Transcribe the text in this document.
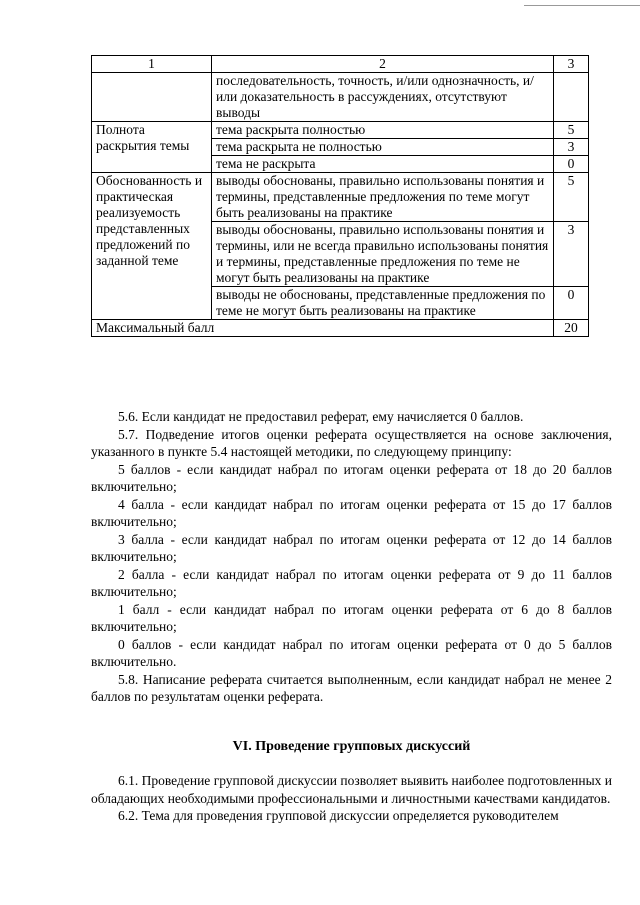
1	2	3
	последовательность, точность, и/или однозначность, и/или доказательность в рассуждениях, отсутствуют выводы	
Полнота раскрытия темы	тема раскрыта полностью	5
	тема раскрыта не полностью	3
	тема не раскрыта	0
Обоснованность и практическая реализуемость представленных предложений по заданной теме	выводы обоснованы, правильно использованы понятия и термины, представленные предложения по теме могут быть реализованы на практике	5
	выводы обоснованы, правильно использованы понятия и термины, или не всегда правильно использованы понятия и термины, представленные предложения по теме не могут быть реализованы на практике	3
	выводы не обоснованы, представленные предложения по теме не могут быть реализованы на практике	0
Максимальный балл		20

5.6. Если кандидат не предоставил реферат, ему начисляется 0 баллов.

5.7. Подведение итогов оценки реферата осуществляется на основе заключения, указанного в пункте 5.4 настоящей методики, по следующему принципу:

5 баллов - если кандидат набрал по итогам оценки реферата от 18 до 20 баллов включительно;

4 балла - если кандидат набрал по итогам оценки реферата от 15 до 17 баллов включительно;

3 балла - если кандидат набрал по итогам оценки реферата от 12 до 14 баллов включительно;

2 балла - если кандидат набрал по итогам оценки реферата от 9 до 11 баллов включительно;

1 балл - если кандидат набрал по итогам оценки реферата от 6 до 8 баллов включительно;

0 баллов - если кандидат набрал по итогам оценки реферата от 0 до 5 баллов включительно.

5.8. Написание реферата считается выполненным, если кандидат набрал не менее 2 баллов по результатам оценки реферата.

VI. Проведение групповых дискуссий

6.1. Проведение групповой дискуссии позволяет выявить наиболее подготовленных и обладающих необходимыми профессиональными и личностными качествами кандидатов.

6.2. Тема для проведения групповой дискуссии определяется руководителем
